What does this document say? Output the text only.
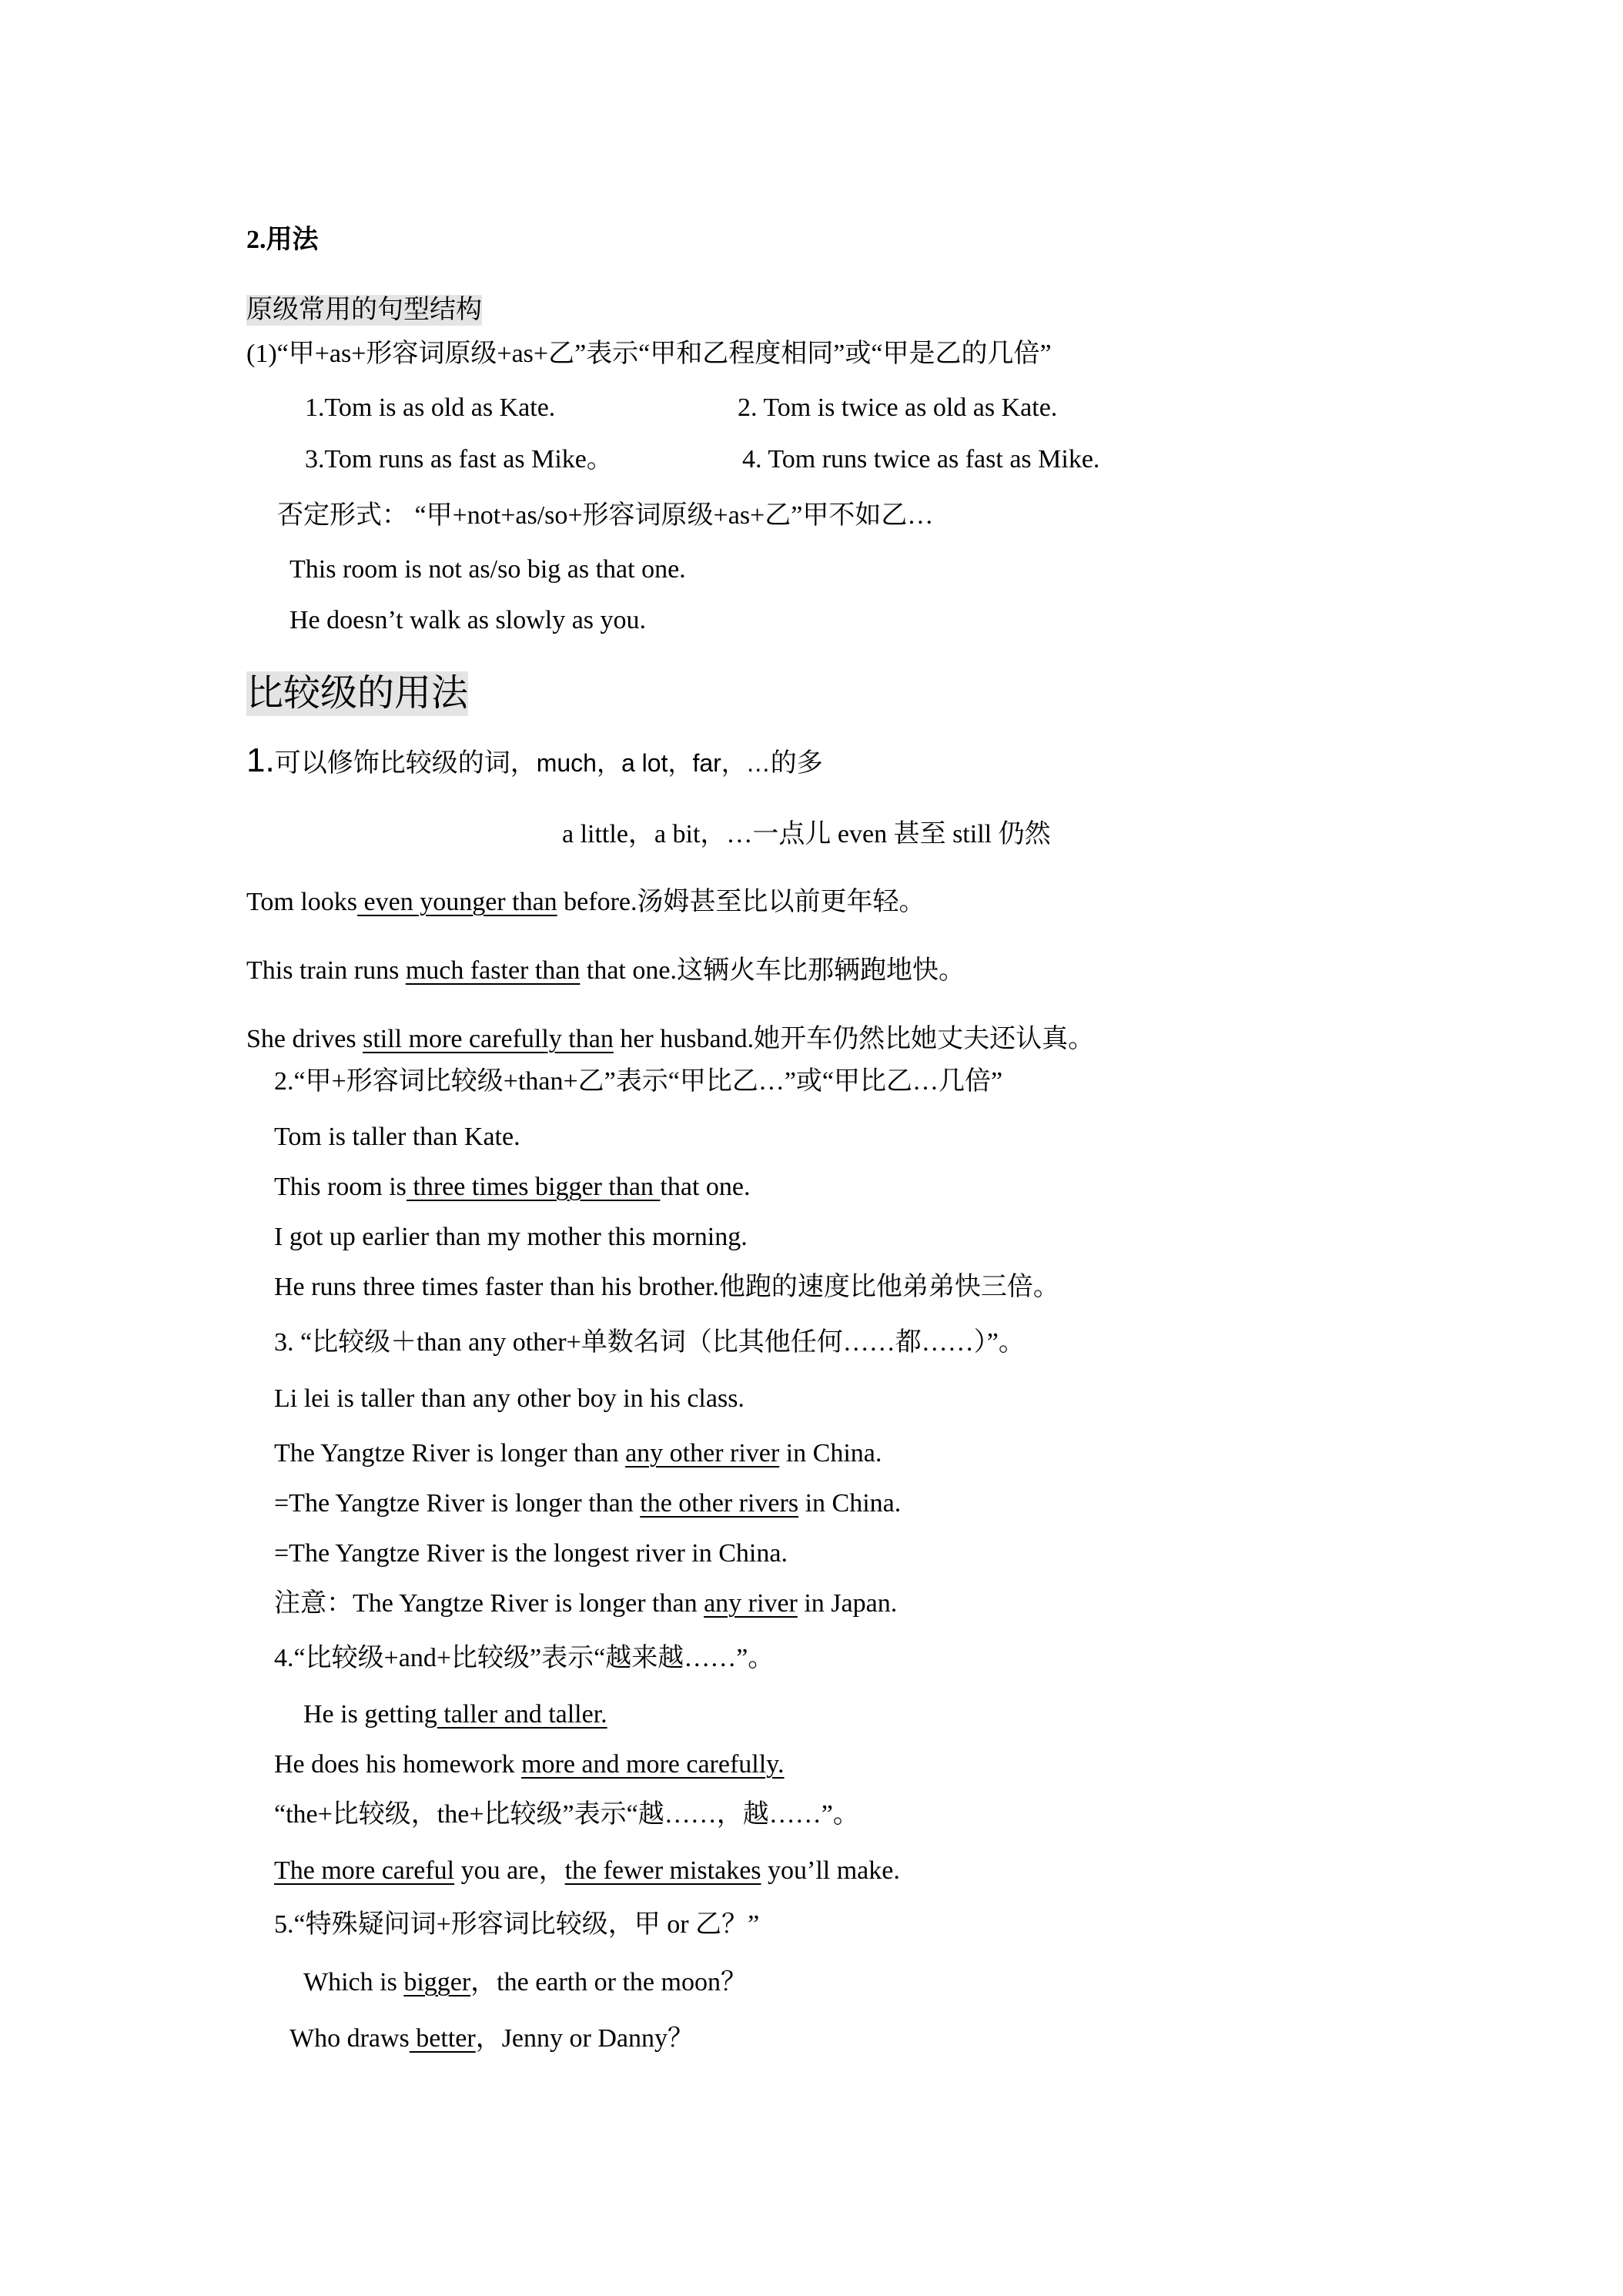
2.用法
原级常用的句型结构
(1)“甲+as+形容词原级+as+乙”表示“甲和乙程度相同”或“甲是乙的几倍”
1.Tom is as old as Kate.	2. Tom is twice as old as Kate.
3.Tom runs as fast as Mike。	4. Tom runs twice as fast as Mike.
否定形式： “甲+not+as/so+形容词原级+as+乙”甲不如乙…
This room is not as/so big as that one.
He doesn’t walk as slowly as you.
比较级的用法
1.可以修饰比较级的词，much，a lot，far，…的多
a little，a bit，…一点儿 even 甚至 still 仍然
Tom looks even younger than before.汤姆甚至比以前更年轻。
This train runs much faster than that one.这辆火车比那辆跑地快。
She drives still more carefully than her husband.她开车仍然比她丈夫还认真。
2.“甲+形容词比较级+than+乙”表示“甲比乙…”或“甲比乙…几倍”
Tom is taller than Kate.
This room is three times bigger than that one.
I got up earlier than my mother this morning.
He runs three times faster than his brother.他跑的速度比他弟弟快三倍。
3. “比较级＋than any other+单数名词（比其他任何……都……）”。
Li lei is taller than any other boy in his class.
The Yangtze River is longer than any other river in China.
=The Yangtze River is longer than the other rivers in China.
=The Yangtze River is the longest river in China.
注意：The Yangtze River is longer than any river in Japan.
4.“比较级+and+比较级”表示“越来越……”。
He is getting taller and taller.
He does his homework more and more carefully.
“the+比较级，the+比较级”表示“越……，越……”。
The more careful you are，the fewer mistakes you’ll make.
5.“特殊疑问词+形容词比较级，甲 or 乙？”
Which is bigger，the earth or the moon？
Who draws better，Jenny or Danny？
